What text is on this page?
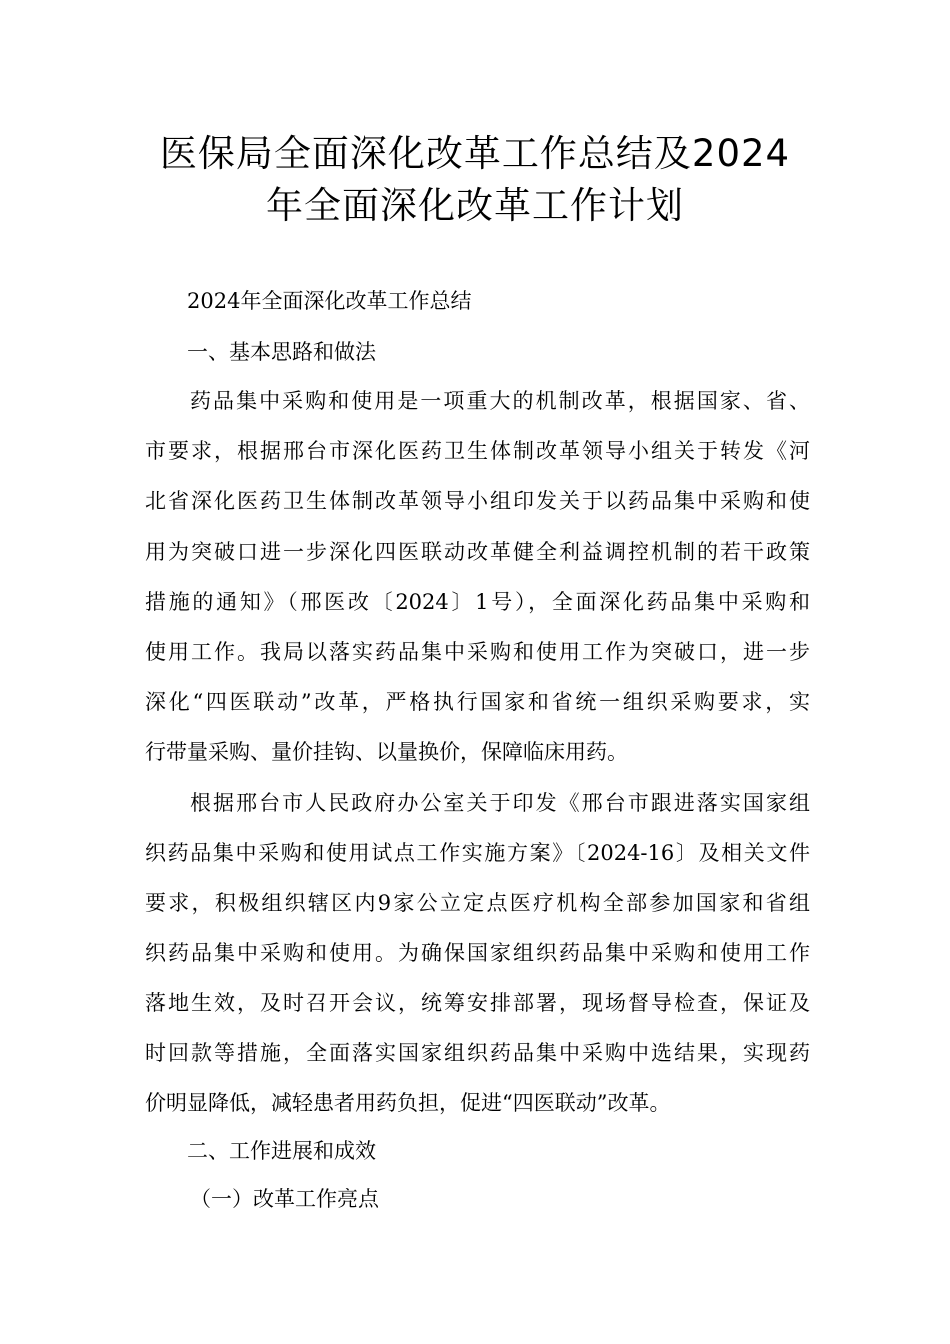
医保局全面深化改革工作总结及2024
年全面深化改革工作计划
2024年全面深化改革工作总结
一、基本思路和做法
药品集中采购和使用是一项重大的机制改革，根据国家、省、
市要求，根据邢台市深化医药卫生体制改革领导小组关于转发《河
北省深化医药卫生体制改革领导小组印发关于以药品集中采购和使
用为突破口进一步深化四医联动改革健全利益调控机制的若干政策
措施的通知》（邢医改〔2024〕1号），全面深化药品集中采购和
使用工作。我局以落实药品集中采购和使用工作为突破口，进一步
深化“四医联动”改革，严格执行国家和省统一组织采购要求，实
行带量采购、量价挂钩、以量换价，保障临床用药。
根据邢台市人民政府办公室关于印发《邢台市跟进落实国家组
织药品集中采购和使用试点工作实施方案》〔2024-16〕及相关文件
要求，积极组织辖区内9家公立定点医疗机构全部参加国家和省组
织药品集中采购和使用。为确保国家组织药品集中采购和使用工作
落地生效，及时召开会议，统筹安排部署，现场督导检查，保证及
时回款等措施，全面落实国家组织药品集中采购中选结果，实现药
价明显降低，减轻患者用药负担，促进“四医联动”改革。
二、工作进展和成效
（一）改革工作亮点
